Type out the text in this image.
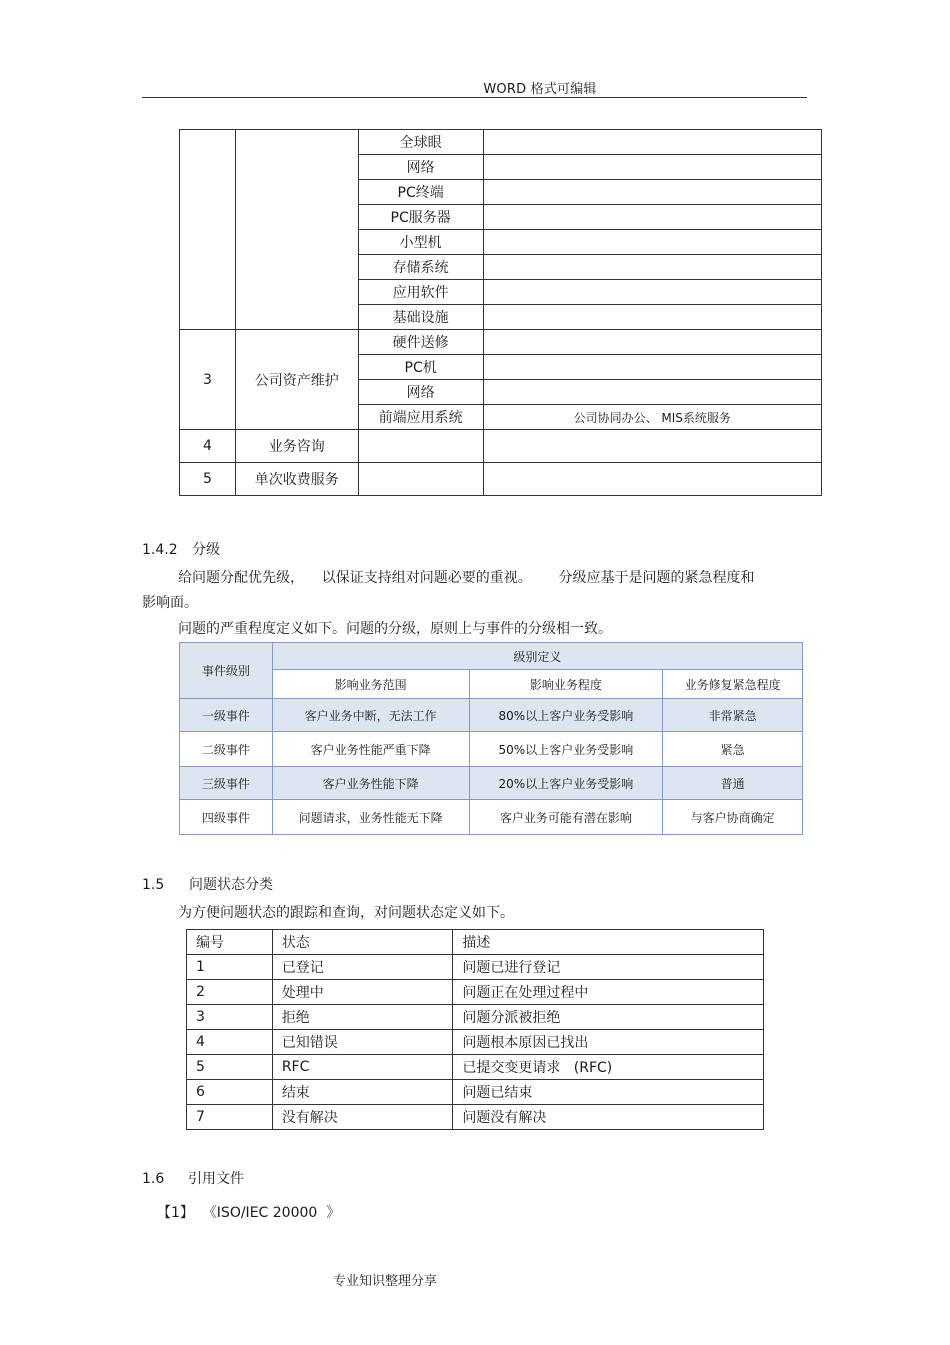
WORD 格式可编辑
		全球眼	
		网络	
		PC终端	
		PC服务器	
		小型机	
		存储系统	
		应用软件	
		基础设施	
3	公司资产维护	硬件送修	
		PC机	
		网络	
		前端应用系统	公司协同办公、 MIS系统服务
4	业务咨询		
5	单次收费服务		
1.4.2 分级
给问题分配优先级，    以保证支持组对问题必要的重视。      分级应基于是问题的紧急程度和
影响面。
问题的严重程度定义如下。问题的分级，原则上与事件的分级相一致。
事件级别	级别定义		
	影响业务范围	影响业务程度	业务修复紧急程度
一级事件	客户业务中断，无法工作	80%以上客户业务受影响	非常紧急
二级事件	客户业务性能严重下降	50%以上客户业务受影响	紧急
三级事件	客户业务性能下降	20%以上客户业务受影响	普通
四级事件	问题请求，业务性能无下降	客户业务可能有潜在影响	与客户协商确定
1.5 问题状态分类
为方便问题状态的跟踪和查询，对问题状态定义如下。
编号	状态	描述
1	已登记	问题已进行登记
2	处理中	问题正在处理过程中
3	拒绝	问题分派被拒绝
4	已知错误	问题根本原因已找出
5	RFC	已提交变更请求   (RFC)
6	结束	问题已结束
7	没有解决	问题没有解决
1.6 引用文件
【1】  《ISO/IEC 20000  》
专业知识整理分享
